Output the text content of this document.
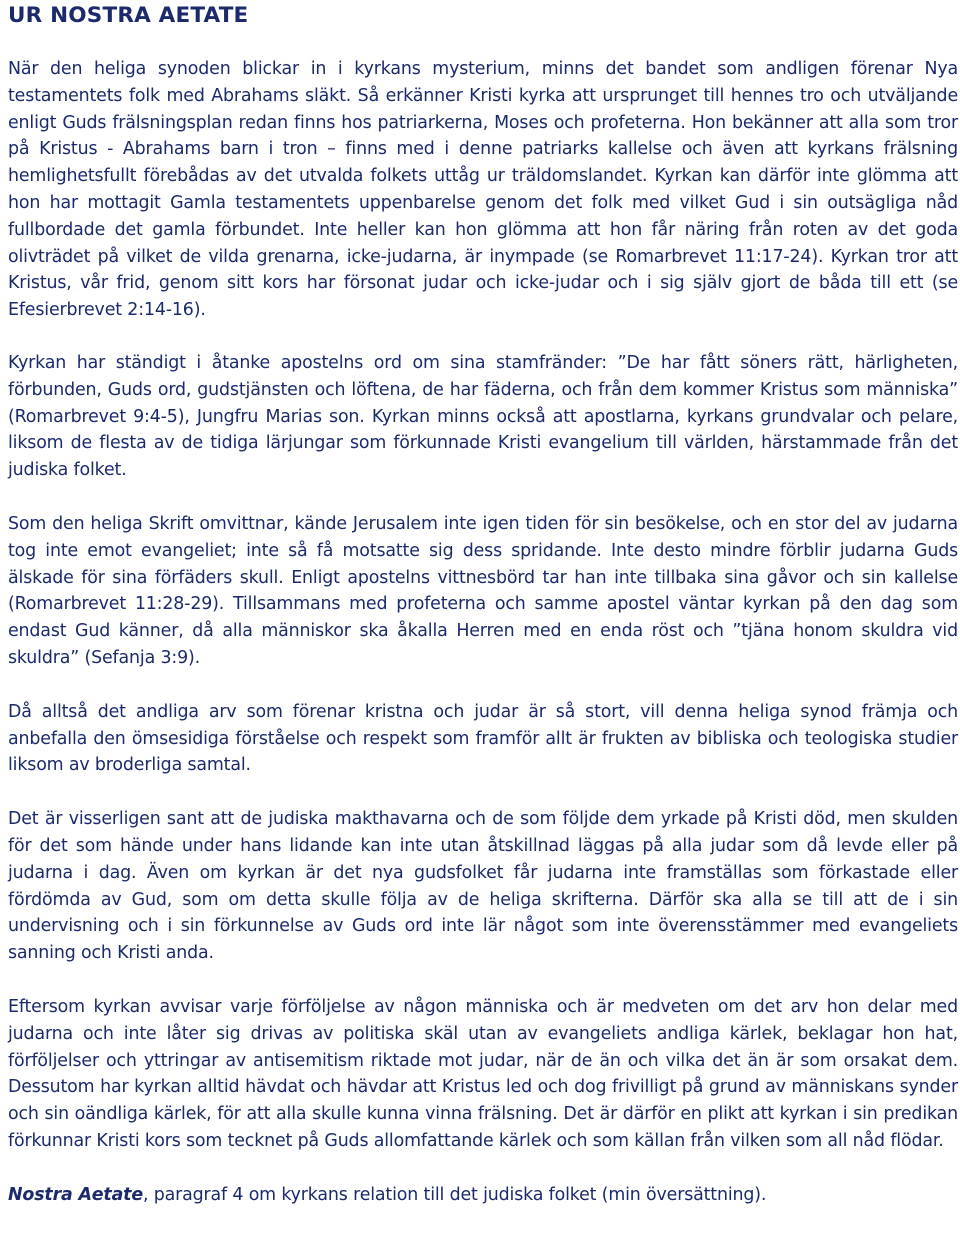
UR NOSTRA AETATE

När den heliga synoden blickar in i kyrkans mysterium, minns det bandet som andligen förenar Nya testamentets folk med Abrahams släkt. Så erkänner Kristi kyrka att ursprunget till hennes tro och utväljande enligt Guds frälsningsplan redan finns hos patriarkerna, Moses och profeterna. Hon bekänner att alla som tror på Kristus - Abrahams barn i tron – finns med i denne patriarks kallelse och även att kyrkans frälsning hemlighetsfullt förebådas av det utvalda folkets uttåg ur träldomslandet. Kyrkan kan därför inte glömma att hon har mottagit Gamla testamentets uppenbarelse genom det folk med vilket Gud i sin outsägliga nåd fullbordade det gamla förbundet. Inte heller kan hon glömma att hon får näring från roten av det goda olivträdet på vilket de vilda grenarna, icke-judarna, är inympade (se Romarbrevet 11:17-24). Kyrkan tror att Kristus, vår frid, genom sitt kors har försonat judar och icke-judar och i sig själv gjort de båda till ett (se Efesierbrevet 2:14-16).

Kyrkan har ständigt i åtanke apostelns ord om sina stamfränder: ”De har fått söners rätt, härligheten, förbunden, Guds ord, gudstjänsten och löftena, de har fäderna, och från dem kommer Kristus som människa” (Romarbrevet 9:4-5), Jungfru Marias son. Kyrkan minns också att apostlarna, kyrkans grundvalar och pelare, liksom de flesta av de tidiga lärjungar som förkunnade Kristi evangelium till världen, härstammade från det judiska folket.

Som den heliga Skrift omvittnar, kände Jerusalem inte igen tiden för sin besökelse, och en stor del av judarna tog inte emot evangeliet; inte så få motsatte sig dess spridande. Inte desto mindre förblir judarna Guds älskade för sina förfäders skull. Enligt apostelns vittnesbörd tar han inte tillbaka sina gåvor och sin kallelse (Romarbrevet 11:28-29). Tillsammans med profeterna och samme apostel väntar kyrkan på den dag som endast Gud känner, då alla människor ska åkalla Herren med en enda röst och ”tjäna honom skuldra vid skuldra” (Sefanja 3:9).

Då alltså det andliga arv som förenar kristna och judar är så stort, vill denna heliga synod främja och anbefalla den ömsesidiga förståelse och respekt som framför allt är frukten av bibliska och teologiska studier liksom av broderliga samtal.

Det är visserligen sant att de judiska makthavarna och de som följde dem yrkade på Kristi död, men skulden för det som hände under hans lidande kan inte utan åtskillnad läggas på alla judar som då levde eller på judarna i dag. Även om kyrkan är det nya gudsfolket får judarna inte framställas som förkastade eller fördömda av Gud, som om detta skulle följa av de heliga skrifterna. Därför ska alla se till att de i sin undervisning och i sin förkunnelse av Guds ord inte lär något som inte överensstämmer med evangeliets sanning och Kristi anda.

Eftersom kyrkan avvisar varje förföljelse av någon människa och är medveten om det arv hon delar med judarna och inte låter sig drivas av politiska skäl utan av evangeliets andliga kärlek, beklagar hon hat, förföljelser och yttringar av antisemitism riktade mot judar, när de än och vilka det än är som orsakat dem. Dessutom har kyrkan alltid hävdat och hävdar att Kristus led och dog frivilligt på grund av människans synder och sin oändliga kärlek, för att alla skulle kunna vinna frälsning. Det är därför en plikt att kyrkan i sin predikan förkunnar Kristi kors som tecknet på Guds allomfattande kärlek och som källan från vilken som all nåd flödar.

Nostra Aetate, paragraf 4 om kyrkans relation till det judiska folket (min översättning).
